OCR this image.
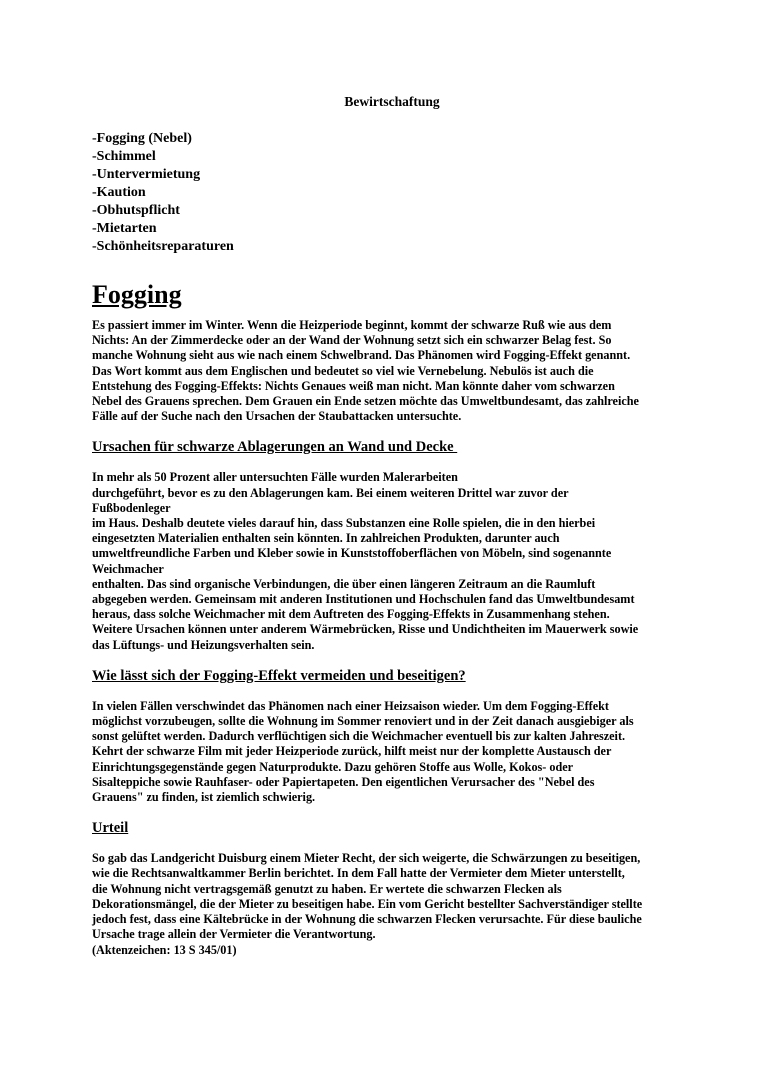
Bewirtschaftung
-Fogging (Nebel)
-Schimmel
-Untervermietung
-Kaution
-Obhutspflicht
-Mietarten
-Schönheitsreparaturen
Fogging
Es passiert immer im Winter. Wenn die Heizperiode beginnt, kommt der schwarze Ruß wie aus dem
Nichts: An der Zimmerdecke oder an der Wand der Wohnung setzt sich ein schwarzer Belag fest. So
manche Wohnung sieht aus wie nach einem Schwelbrand. Das Phänomen wird Fogging-Effekt genannt.
Das Wort kommt aus dem Englischen und bedeutet so viel wie Vernebelung. Nebulös ist auch die
Entstehung des Fogging-Effekts: Nichts Genaues weiß man nicht. Man könnte daher vom schwarzen
Nebel des Grauens sprechen. Dem Grauen ein Ende setzen möchte das Umweltbundesamt, das zahlreiche
Fälle auf der Suche nach den Ursachen der Staubattacken untersuchte.
Ursachen für schwarze Ablagerungen an Wand und Decke
In mehr als 50 Prozent aller untersuchten Fälle wurden Malerarbeiten
durchgeführt, bevor es zu den Ablagerungen kam. Bei einem weiteren Drittel war zuvor der
Fußbodenleger
im Haus. Deshalb deutete vieles darauf hin, dass Substanzen eine Rolle spielen, die in den hierbei
eingesetzten Materialien enthalten sein könnten. In zahlreichen Produkten, darunter auch
umweltfreundliche Farben und Kleber sowie in Kunststoffoberflächen von Möbeln, sind sogenannte
Weichmacher
enthalten. Das sind organische Verbindungen, die über einen längeren Zeitraum an die Raumluft
abgegeben werden. Gemeinsam mit anderen Institutionen und Hochschulen fand das Umweltbundesamt
heraus, dass solche Weichmacher mit dem Auftreten des Fogging-Effekts in Zusammenhang stehen.
Weitere Ursachen können unter anderem Wärmebrücken, Risse und Undichtheiten im Mauerwerk sowie
das Lüftungs- und Heizungsverhalten sein.
Wie lässt sich der Fogging-Effekt vermeiden und beseitigen?
In vielen Fällen verschwindet das Phänomen nach einer Heizsaison wieder. Um dem Fogging-Effekt
möglichst vorzubeugen, sollte die Wohnung im Sommer renoviert und in der Zeit danach ausgiebiger als
sonst gelüftet werden. Dadurch verflüchtigen sich die Weichmacher eventuell bis zur kalten Jahreszeit.
Kehrt der schwarze Film mit jeder Heizperiode zurück, hilft meist nur der komplette Austausch der
Einrichtungsgegenstände gegen Naturprodukte. Dazu gehören Stoffe aus Wolle, Kokos- oder
Sisalteppiche sowie Rauhfaser- oder Papiertapeten. Den eigentlichen Verursacher des "Nebel des
Grauens" zu finden, ist ziemlich schwierig.
Urteil
So gab das Landgericht Duisburg einem Mieter Recht, der sich weigerte, die Schwärzungen zu beseitigen,
wie die Rechtsanwaltkammer Berlin berichtet. In dem Fall hatte der Vermieter dem Mieter unterstellt,
die Wohnung nicht vertragsgemäß genutzt zu haben. Er wertete die schwarzen Flecken als
Dekorationsmängel, die der Mieter zu beseitigen habe. Ein vom Gericht bestellter Sachverständiger stellte
jedoch fest, dass eine Kältebrücke in der Wohnung die schwarzen Flecken verursachte. Für diese bauliche
Ursache trage allein der Vermieter die Verantwortung.
(Aktenzeichen: 13 S 345/01)
